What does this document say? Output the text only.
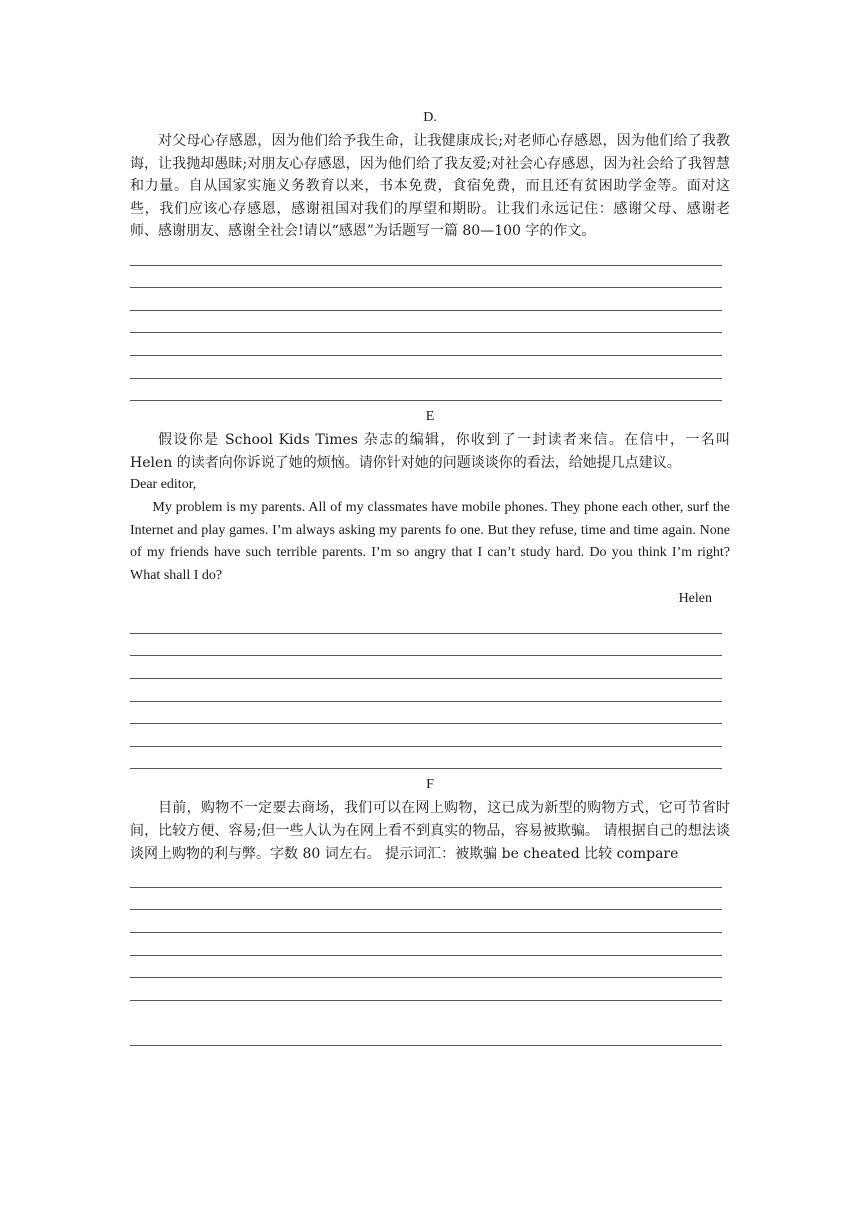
D.

对父母心存感恩，因为他们给予我生命，让我健康成长;对老师心存感恩，因为他们给了我教诲，让我抛却愚昧;对朋友心存感恩，因为他们给了我友爱;对社会心存感恩，因为社会给了我智慧和力量。自从国家实施义务教育以来，书本免费，食宿免费，而且还有贫困助学金等。面对这些，我们应该心存感恩，感谢祖国对我们的厚望和期盼。让我们永远记住：感谢父母、感谢老师、感谢朋友、感谢全社会!请以“感恩”为话题写一篇 80—100 字的作文。

E

假设你是 School Kids Times 杂志的编辑，你收到了一封读者来信。在信中，一名叫 Helen 的读者向你诉说了她的烦恼。请你针对她的问题谈谈你的看法，给她提几点建议。

Dear editor,

My problem is my parents. All of my classmates have mobile phones. They phone each other, surf the Internet and play games. I’m always asking my parents fo one. But they refuse, time and time again. None of my friends have such terrible parents. I’m so angry that I can’t study hard. Do you think I’m right? What shall I do?

Helen

F

目前，购物不一定要去商场，我们可以在网上购物，这已成为新型的购物方式，它可节省时间，比较方便、容易;但一些人认为在网上看不到真实的物品，容易被欺骗。 请根据自己的想法谈谈网上购物的利与弊。字数 80 词左右。 提示词汇：被欺骗 be cheated 比较 compare
